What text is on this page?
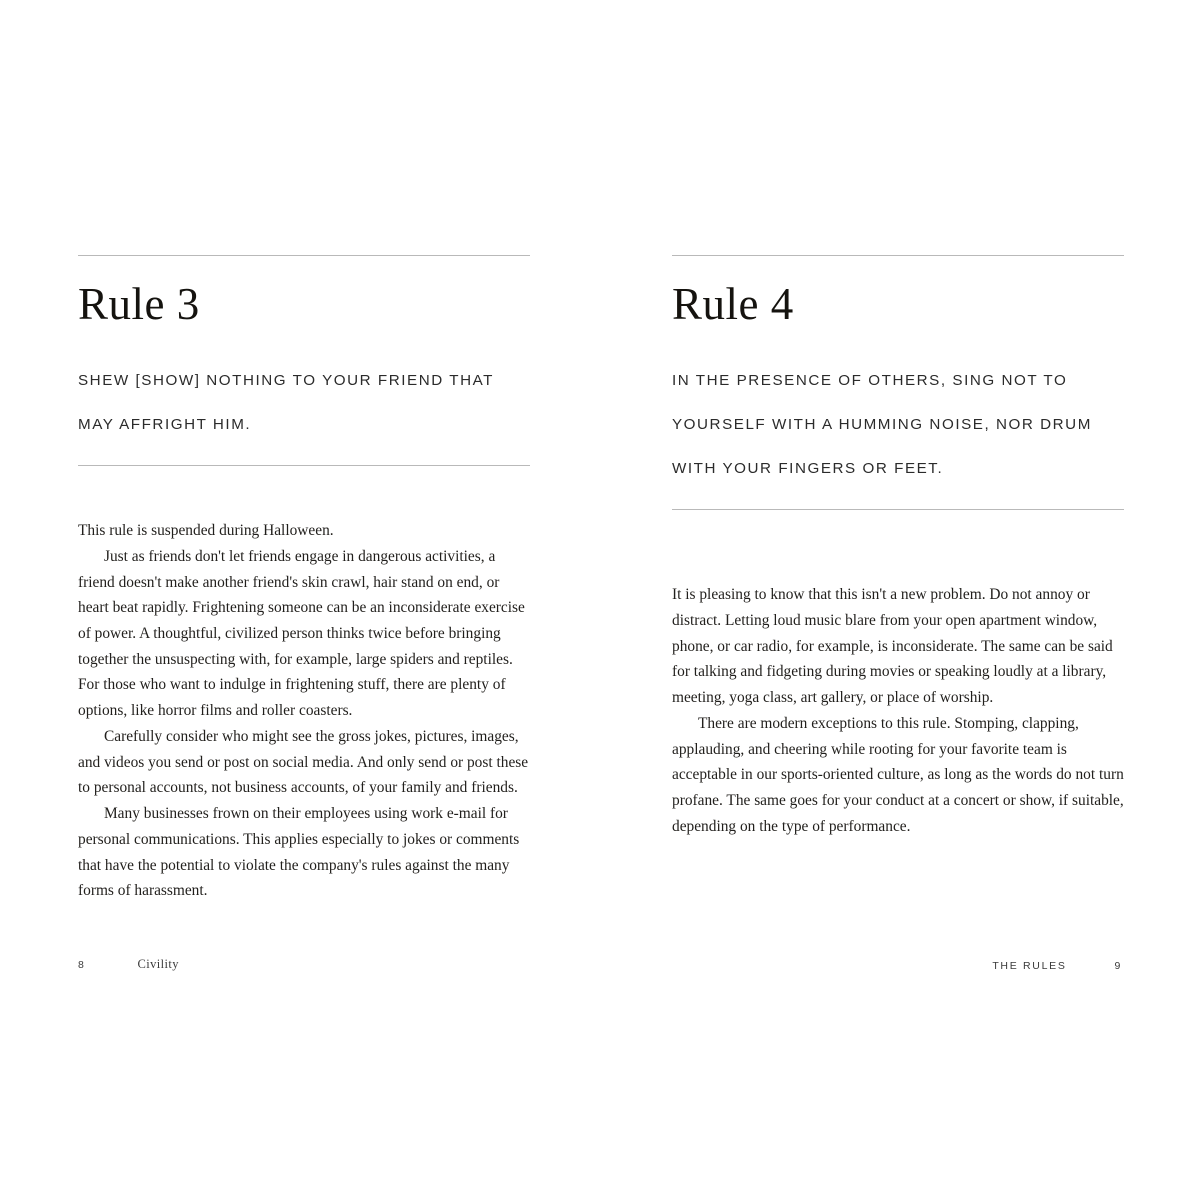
Rule 3

SHEW [SHOW] NOTHING TO YOUR FRIEND THAT MAY AFFRIGHT HIM.

This rule is suspended during Halloween.

Just as friends don't let friends engage in dangerous activities, a friend doesn't make another friend's skin crawl, hair stand on end, or heart beat rapidly. Frightening someone can be an inconsiderate exercise of power. A thoughtful, civilized person thinks twice before bringing together the unsuspecting with, for example, large spiders and reptiles. For those who want to indulge in frightening stuff, there are plenty of options, like horror films and roller coasters.

Carefully consider who might see the gross jokes, pictures, images, and videos you send or post on social media. And only send or post these to personal accounts, not business accounts, of your family and friends.

Many businesses frown on their employees using work e-mail for personal communications. This applies especially to jokes or comments that have the potential to violate the company's rules against the many forms of harassment.

8	Civility
Rule 4

IN THE PRESENCE OF OTHERS, SING NOT TO YOURSELF WITH A HUMMING NOISE, NOR DRUM WITH YOUR FINGERS OR FEET.

It is pleasing to know that this isn't a new problem. Do not annoy or distract. Letting loud music blare from your open apartment window, phone, or car radio, for example, is inconsiderate. The same can be said for talking and fidgeting during movies or speaking loudly at a library, meeting, yoga class, art gallery, or place of worship.

There are modern exceptions to this rule. Stomping, clapping, applauding, and cheering while rooting for your favorite team is acceptable in our sports-oriented culture, as long as the words do not turn profane. The same goes for your conduct at a concert or show, if suitable, depending on the type of performance.

THE RULES	9
